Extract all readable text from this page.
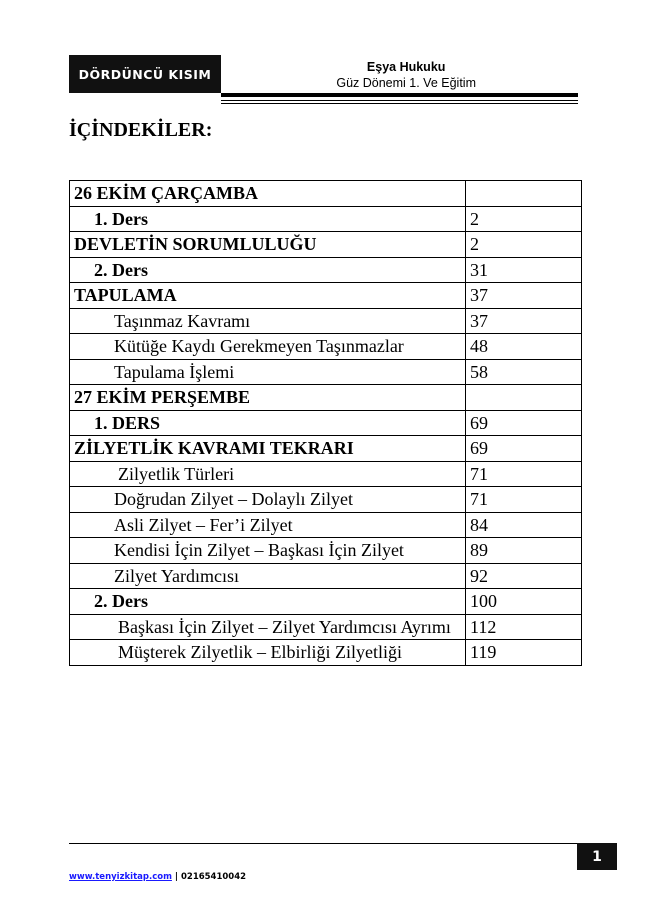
DÖRDÜNCÜ KISIM	Eşya Hukuku
Güz Dönemi 1. Ve Eğitim
İÇİNDEKİLER:
26 EKİM ÇARÇAMBA	
1. Ders	2
DEVLETİN SORUMLULUĞU	2
2. Ders	31
TAPULAMA	37
Taşınmaz Kavramı	37
Kütüğe Kaydı Gerekmeyen Taşınmazlar	48
Tapulama İşlemi	58
27 EKİM PERŞEMBE	
1. DERS	69
ZİLYETLİK KAVRAMI TEKRARI	69
Zilyetlik Türleri	71
Doğrudan Zilyet – Dolaylı Zilyet	71
Asli Zilyet – Fer’i Zilyet	84
Kendisi İçin Zilyet – Başkası İçin Zilyet	89
Zilyet Yardımcısı	92
2. Ders	100
Başkası İçin Zilyet – Zilyet Yardımcısı Ayrımı	112
Müşterek Zilyetlik – Elbirliği Zilyetliği	119
1
www.tenyizkitap.com | 02165410042
